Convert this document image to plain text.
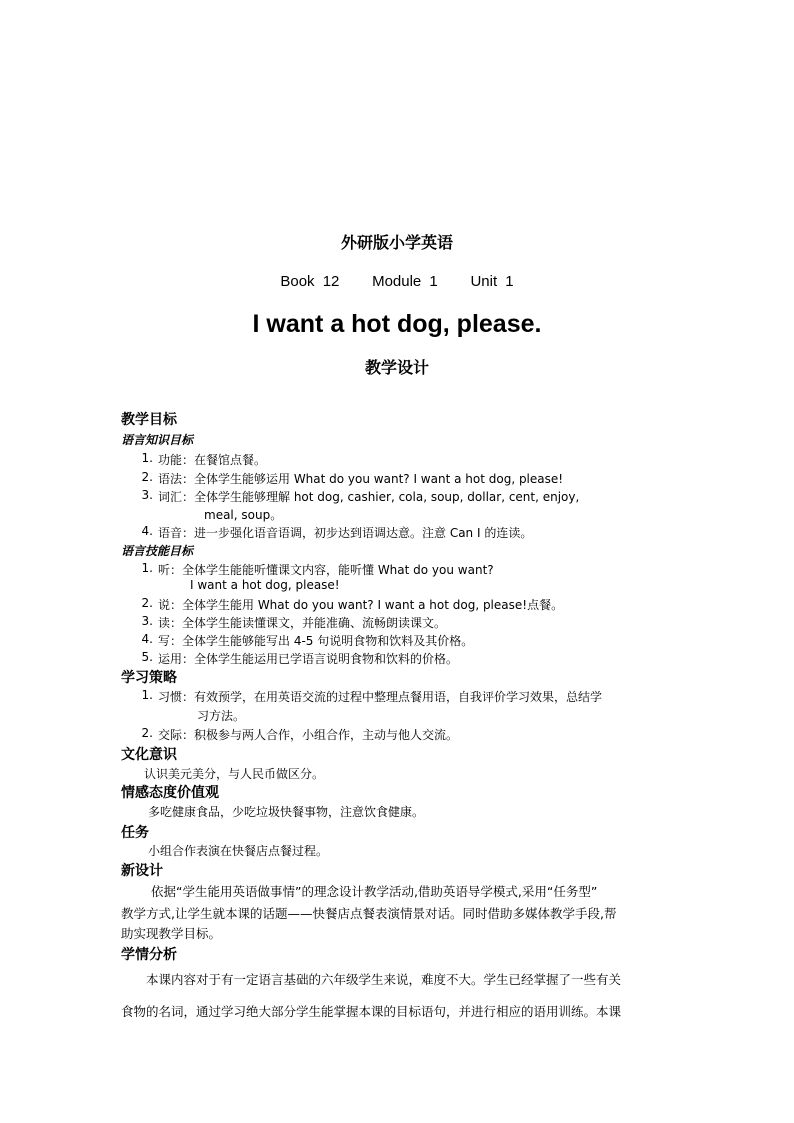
外研版小学英语
Book 12    Module 1    Unit 1
I want a hot dog, please.
教学设计
教学目标
语言知识目标
1. 功能：在餐馆点餐。
2. 语法：全体学生能够运用 What do you want? I want a hot dog, please!
3. 词汇：全体学生能够理解 hot dog, cashier, cola, soup, dollar, cent, enjoy,
meal, soup。
4. 语音：进一步强化语音语调，初步达到语调达意。注意 Can I 的连读。
语言技能目标
1. 听：全体学生能能听懂课文内容，能听懂 What do you want?
I want a hot dog, please!
2. 说：全体学生能用 What do you want? I want a hot dog, please!点餐。
3. 读：全体学生能读懂课文，并能准确、流畅朗读课文。
4. 写：全体学生能够能写出 4-5 句说明食物和饮料及其价格。
5. 运用：全体学生能运用已学语言说明食物和饮料的价格。
学习策略
1. 习惯：有效预学，在用英语交流的过程中整理点餐用语，自我评价学习效果，总结学
习方法。
2. 交际：积极参与两人合作，小组合作，主动与他人交流。
文化意识
认识美元美分，与人民币做区分。
情感态度价值观
多吃健康食品，少吃垃圾快餐事物，注意饮食健康。
任务
小组合作表演在快餐店点餐过程。
新设计
依据“学生能用英语做事情”的理念设计教学活动,借助英语导学模式,采用“任务型”
教学方式,让学生就本课的话题——快餐店点餐表演情景对话。同时借助多媒体教学手段,帮
助实现教学目标。
学情分析
本课内容对于有一定语言基础的六年级学生来说，难度不大。学生已经掌握了一些有关
食物的名词，通过学习绝大部分学生能掌握本课的目标语句，并进行相应的语用训练。本课
